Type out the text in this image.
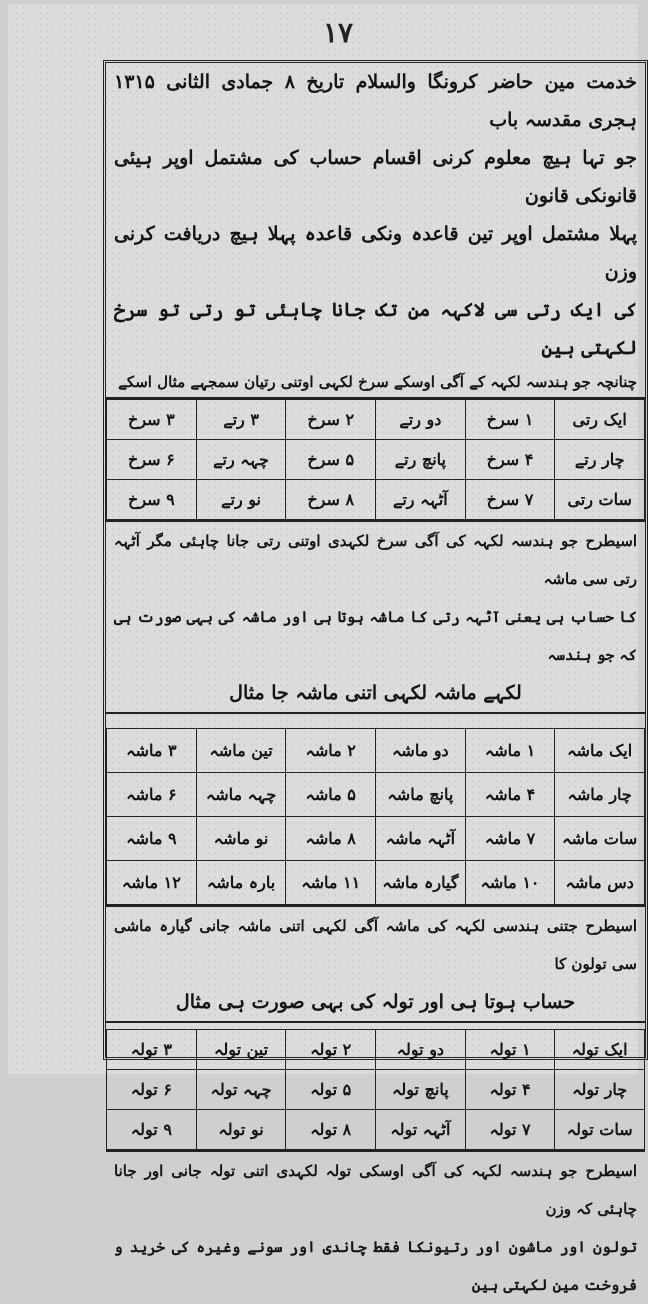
۱۷

خدمت مین حاضر کرونگا والسلام تاریخ ۸ جمادی الثانی ۱۳۱۵ ہجری مقدسہ باب

جو تہا ہیچ معلوم کرنی اقسام حساب کی مشتمل اوپر ہیئی قانونکی قانون

پہلا مشتمل اوپر تین قاعدہ ونکی قاعدہ پہلا ہیچ دریافت کرنی وزن

کی ایک رتی سی لاکہہ من تک جانا چاہئی تو رتی تو سرخ لکہتی ہین

چنانچہ جو ہندسہ لکہہ کے آگی اوسکے سرخ لکہی اوتنی رتیان سمجہے مثال اسکے

ایک رتی	۱ سرخ	دو رتے	۲ سرخ	۳ رتے	۳ سرخ
چار رتے	۴ سرخ	پانچ رتے	۵ سرخ	چہہ رتے	۶ سرخ
سات رتی	۷ سرخ	آٹہہ رتے	۸ سرخ	نو رتے	۹ سرخ

اسیطرح جو ہندسہ لکہہ کی آگی سرخ لکہدی اوتنی رتی جانا چاہئی مگر آٹہہ رتی سی ماشہ

کا حساب ہی یعنی آٹہہ رتی کا ماشہ ہوتا ہی اور ماشہ کی بہی صورت ہی کہ جو ہندسہ

لکہے ماشہ لکہی اتنی ماشہ جا مثال

ایک ماشہ	۱ ماشہ	دو ماشہ	۲ ماشہ	تین ماشہ	۳ ماشہ
چار ماشہ	۴ ماشہ	پانچ ماشہ	۵ ماشہ	چہہ ماشہ	۶ ماشہ
سات ماشہ	۷ ماشہ	آٹہہ ماشہ	۸ ماشہ	نو ماشہ	۹ ماشہ
دس ماشہ	۱۰ ماشہ	گیارہ ماشہ	۱۱ ماشہ	بارہ ماشہ	۱۲ ماشہ

اسیطرح جتنی ہندسی لکہہ کی ماشہ آگی لکہی اتنی ماشہ جانی گیارہ ماشی سی تولون کا

حساب ہوتا ہی اور تولہ کی بہی صورت ہی مثال

ایک تولہ	۱ تولہ	دو تولہ	۲ تولہ	تین تولہ	۳ تولہ
چار تولہ	۴ تولہ	پانچ تولہ	۵ تولہ	چہہ تولہ	۶ تولہ
سات تولہ	۷ تولہ	آٹہہ تولہ	۸ تولہ	نو تولہ	۹ تولہ

اسیطرح جو ہندسہ لکہہ کی آگی اوسکی تولہ لکہدی اتنی تولہ جانی اور جانا چاہئی کہ وزن

تولون اور ماشون اور رتیونکا فقط چاندی اور سونے وغیرہ کی خرید و فروخت مین لکہتی ہین
